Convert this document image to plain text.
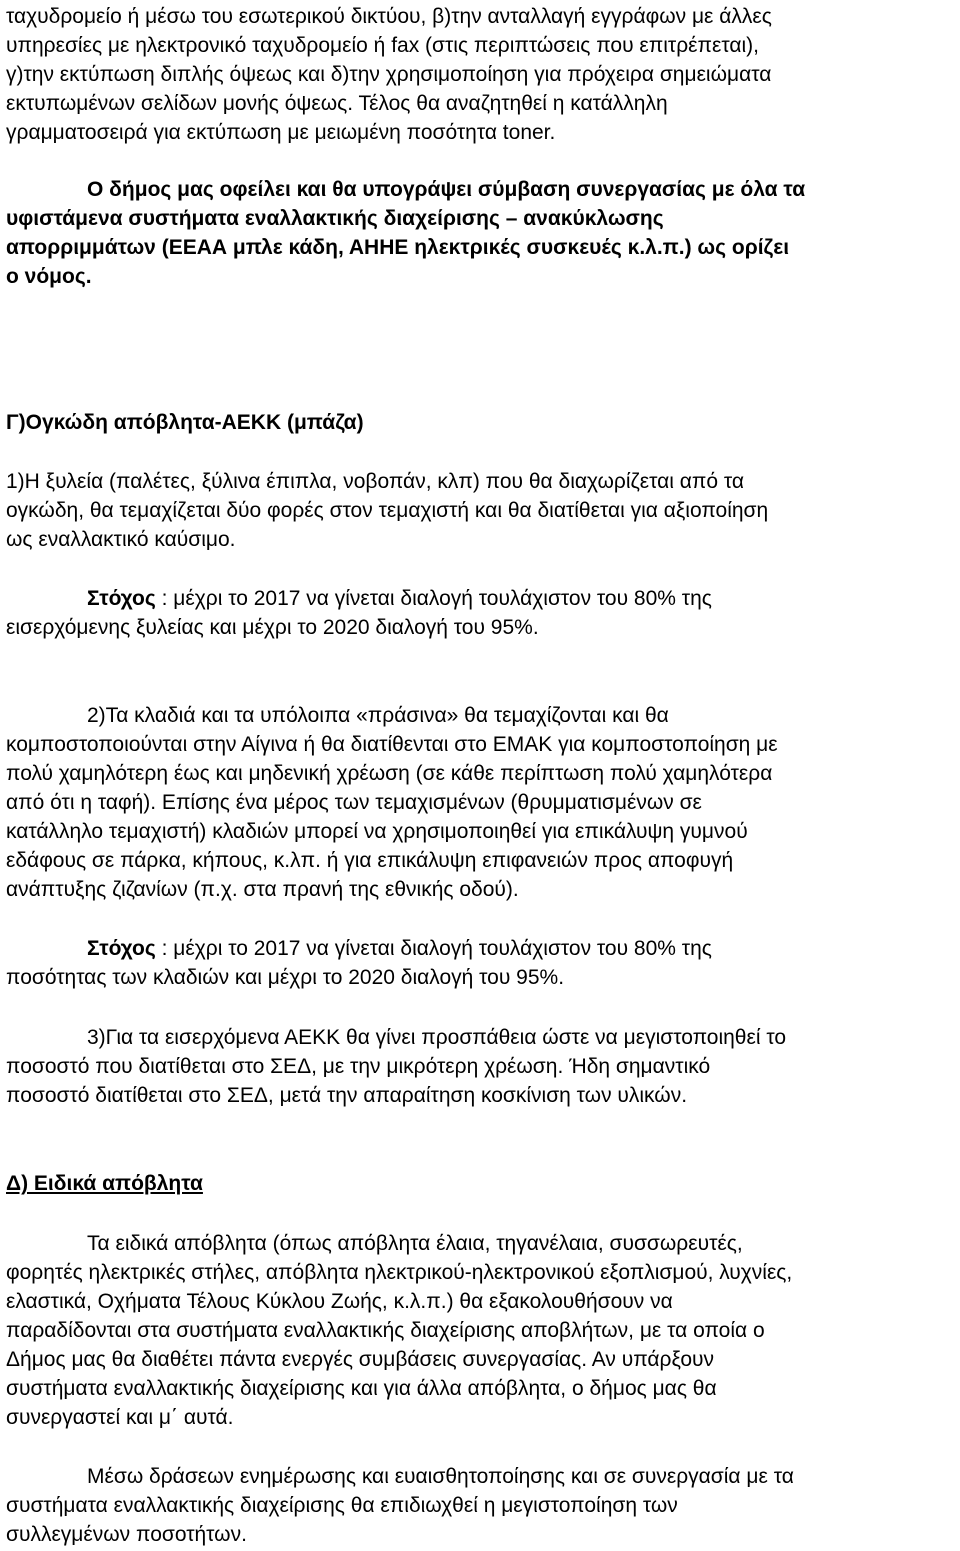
ταχυδρομείο ή μέσω του εσωτερικού δικτύου, β)την ανταλλαγή εγγράφων με άλλες
υπηρεσίες με ηλεκτρονικό ταχυδρομείο ή fax (στις περιπτώσεις που επιτρέπεται),
γ)την εκτύπωση διπλής όψεως και δ)την χρησιμοποίηση για πρόχειρα σημειώματα
εκτυπωμένων σελίδων μονής όψεως. Τέλος θα αναζητηθεί η κατάλληλη
γραμματοσειρά για εκτύπωση με μειωμένη ποσότητα toner.
Ο δήμος μας οφείλει και θα υπογράψει σύμβαση συνεργασίας με όλα τα
υφιστάμενα συστήματα εναλλακτικής διαχείρισης – ανακύκλωσης
απορριμμάτων (ΕΕΑΑ μπλε κάδη, ΑΗΗΕ ηλεκτρικές συσκευές κ.λ.π.) ως ορίζει
ο νόμος.
Γ)Ογκώδη απόβλητα-ΑΕΚΚ (μπάζα)
1)Η ξυλεία (παλέτες, ξύλινα έπιπλα, νοβοπάν, κλπ) που θα διαχωρίζεται από τα
ογκώδη, θα τεμαχίζεται δύο φορές στον τεμαχιστή και θα διατίθεται για αξιοποίηση
ως εναλλακτικό καύσιμο.
Στόχος : μέχρι το 2017 να γίνεται διαλογή τουλάχιστον του 80% της
εισερχόμενης ξυλείας και μέχρι το 2020 διαλογή του 95%.
2)Τα κλαδιά και τα υπόλοιπα «πράσινα» θα τεμαχίζονται και θα
κομποστοποιούνται στην Αίγινα ή θα διατίθενται στο ΕΜΑΚ για κομποστοποίηση με
πολύ χαμηλότερη έως και μηδενική χρέωση (σε κάθε περίπτωση πολύ χαμηλότερα
από ότι η ταφή). Επίσης ένα μέρος των τεμαχισμένων (θρυμματισμένων σε
κατάλληλο τεμαχιστή) κλαδιών μπορεί να χρησιμοποιηθεί για επικάλυψη γυμνού
εδάφους σε πάρκα, κήπους, κ.λπ. ή για επικάλυψη επιφανειών προς αποφυγή
ανάπτυξης ζιζανίων (π.χ. στα πρανή της εθνικής οδού).
Στόχος : μέχρι το 2017 να γίνεται διαλογή τουλάχιστον του 80% της
ποσότητας των κλαδιών και μέχρι το 2020 διαλογή του 95%.
3)Για τα εισερχόμενα ΑΕΚΚ θα γίνει προσπάθεια ώστε να μεγιστοποιηθεί το
ποσοστό που διατίθεται στο ΣΕΔ, με την μικρότερη χρέωση. Ήδη σημαντικό
ποσοστό διατίθεται στο ΣΕΔ, μετά την απαραίτηση κοσκίνιση των υλικών.
Δ) Ειδικά απόβλητα
Τα ειδικά απόβλητα (όπως απόβλητα έλαια, τηγανέλαια, συσσωρευτές,
φορητές ηλεκτρικές στήλες, απόβλητα ηλεκτρικού-ηλεκτρονικού εξοπλισμού, λυχνίες,
ελαστικά, Οχήματα Τέλους Κύκλου Ζωής, κ.λ.π.) θα εξακολουθήσουν να
παραδίδονται στα συστήματα εναλλακτικής διαχείρισης αποβλήτων, με τα οποία ο
Δήμος μας θα διαθέτει πάντα ενεργές συμβάσεις συνεργασίας. Αν υπάρξουν
συστήματα εναλλακτικής διαχείρισης και για άλλα απόβλητα, ο δήμος μας θα
συνεργαστεί και μ΄ αυτά.
Μέσω δράσεων ενημέρωσης και ευαισθητοποίησης και σε συνεργασία με τα
συστήματα εναλλακτικής διαχείρισης θα επιδιωχθεί η μεγιστοποίηση των
συλλεγμένων ποσοτήτων.
